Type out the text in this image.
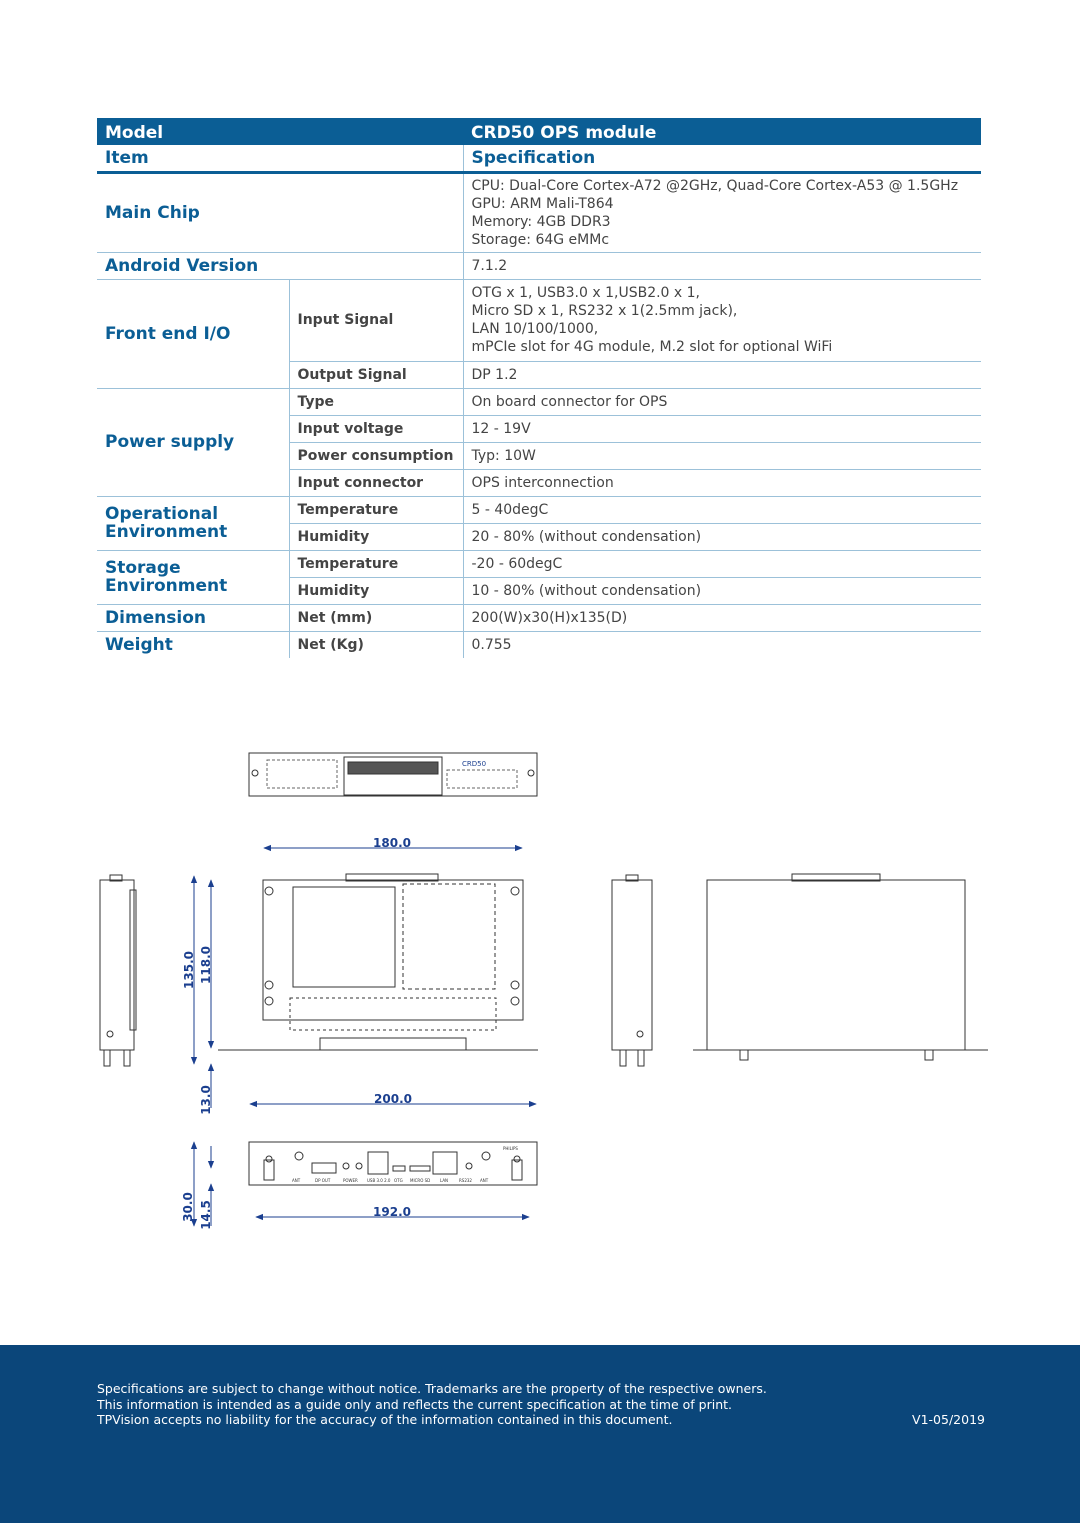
Model		CRD50 OPS module
Item		Specification
Main Chip		CPU: Dual-Core Cortex-A72 @2GHz, Quad-Core Cortex-A53 @ 1.5GHz
GPU: ARM Mali-T864
Memory: 4GB DDR3
Storage: 64G eMMc

Android Version		7.1.2
Front end I/O	Input Signal	OTG x 1, USB3.0 x 1,USB2.0 x 1,
Micro SD x 1, RS232 x 1(2.5mm jack),
LAN 10/100/1000,
mPCIe slot for 4G module, M.2 slot for optional WiFi

	Output Signal	DP 1.2
Power supply	Type	On board connector for OPS
	Input voltage	12 - 19V
	Power consumption	Typ: 10W
	Input connector	OPS interconnection

Operational
Environment	Temperature	5 - 40degC
	Humidity	20 - 80% (without condensation)

Storage
Environment	Temperature	-20 - 60degC
	Humidity	10 - 80% (without condensation)
Dimension	Net (mm)	200(W)x30(H)x135(D)
Weight	Net (Kg)	0.755
CRD50
ANT	DP OUT	POWER USB 3.0 2.0 OTG MICRO SD LAN	RS232 ANT
PHILIPS
180.0
135.0 118.0
13.0	200.0
30.0 14.5	192.0
Specifications are subject to change without notice. Trademarks are the property of the respective owners.
This information is intended as a guide only and reflects the current specification at the time of print.
TPVision accepts no liability for the accuracy of the information contained in this document.	V1-05/2019
